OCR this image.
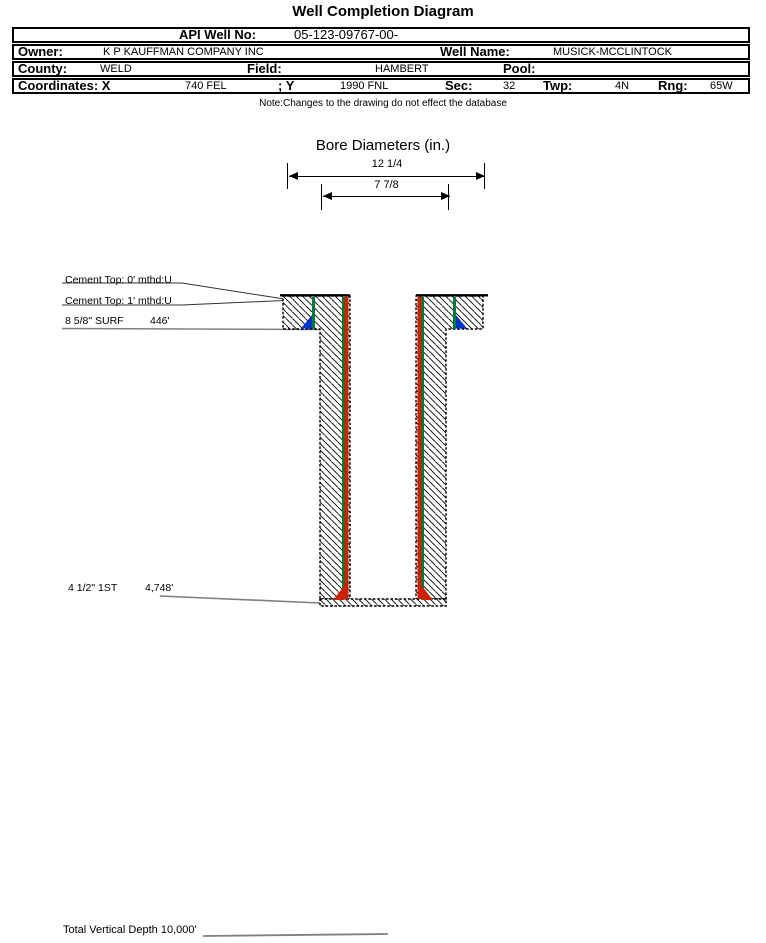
Well Completion Diagram
API Well No:	05-123-09767-00-
Owner:	K P KAUFFMAN COMPANY INC	Well Name:	MUSICK-MCCLINTOCK
County:	WELD	Field:	HAMBERT	Pool:
Coordinates: X	740 FEL	; Y	1990 FNL	Sec:	32 Twp:	4N Rng: 65W
Note:Changes to the drawing do not effect the database
Bore Diameters (in.)
12 1/4
7 7/8
Cement Top: 0' mthd:U
Cement Top: 1' mthd:U
8 5/8" SURF	446'
4 1/2" 1ST	4,748'
Total Vertical Depth 10,000'
